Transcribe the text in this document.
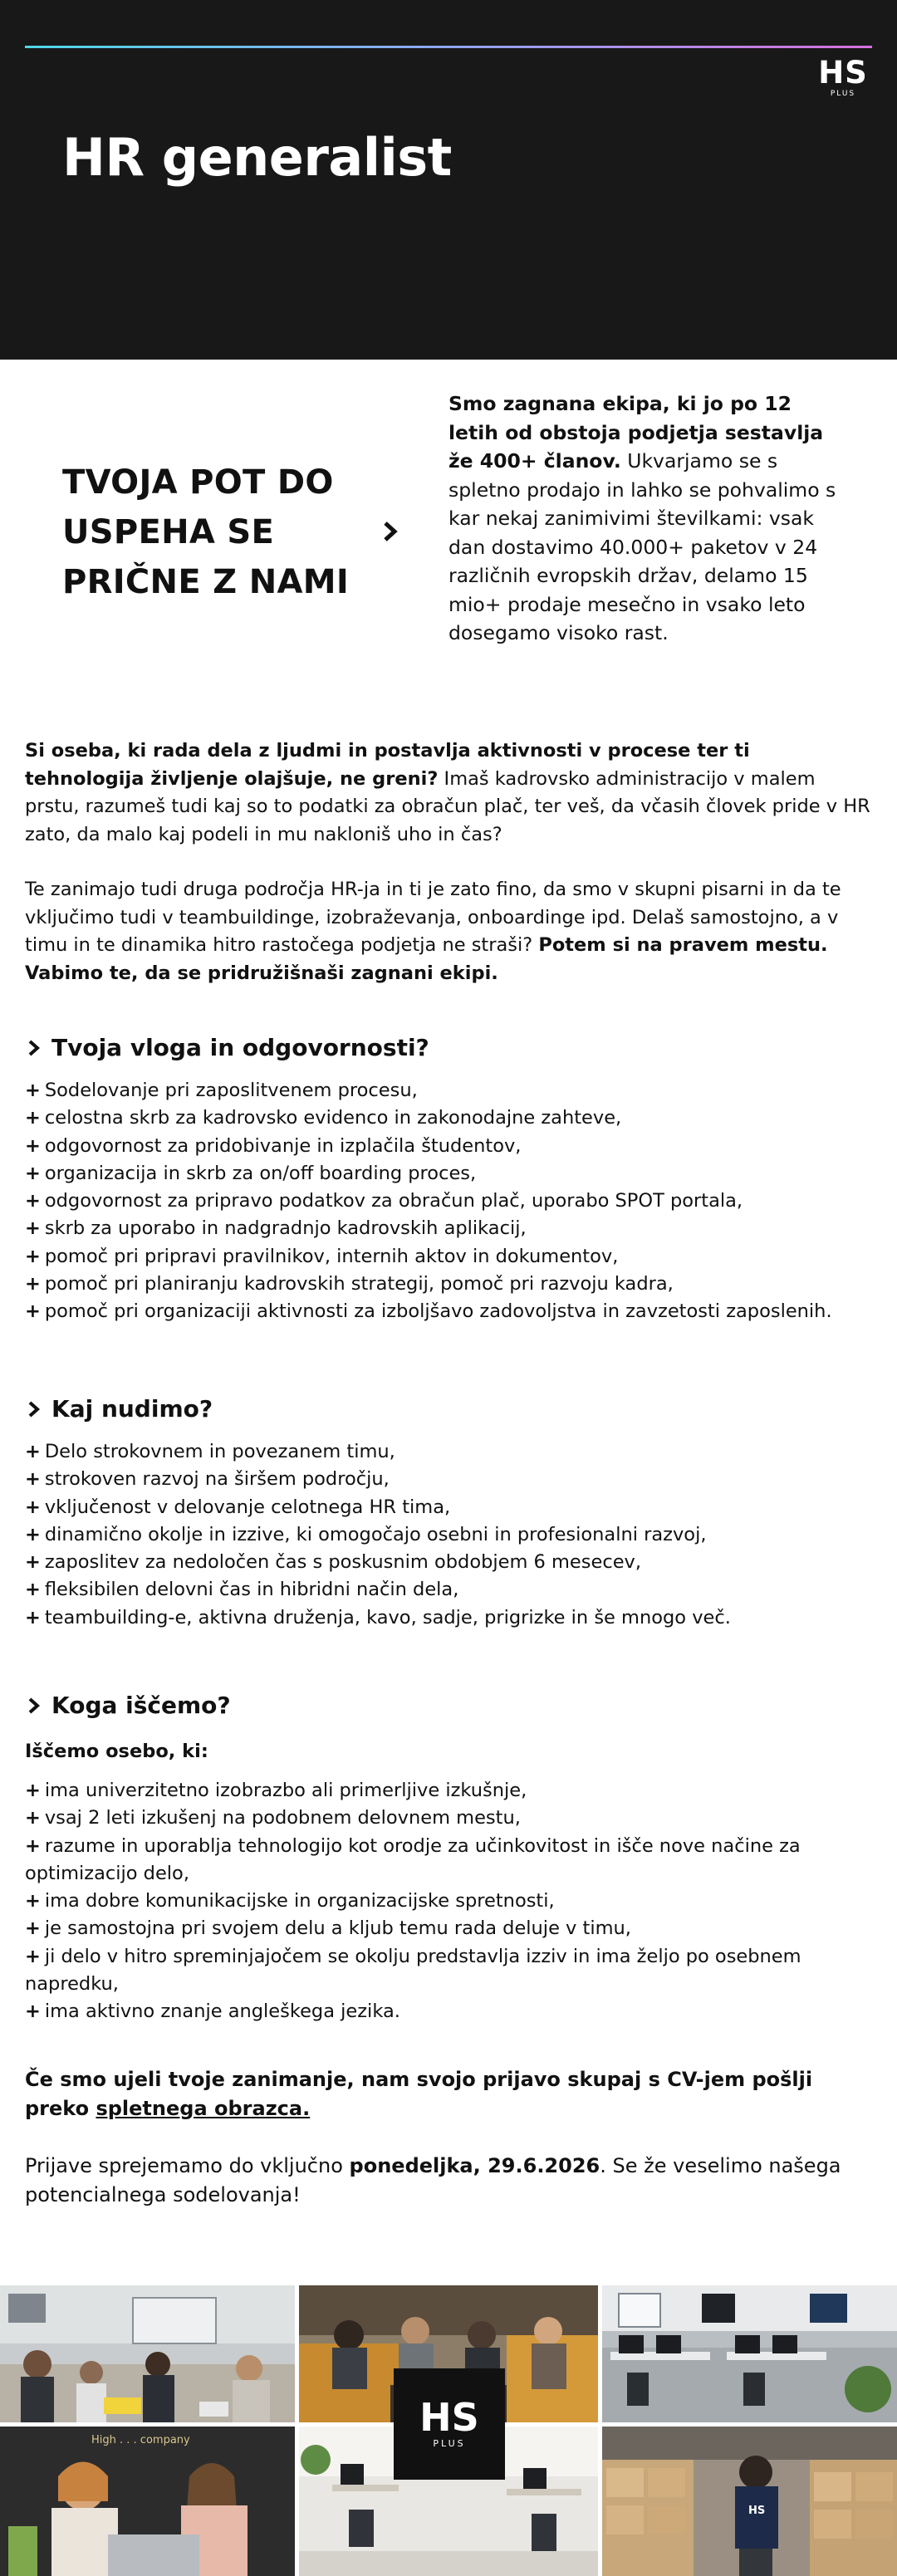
HS
PLUS
HR generalist
TVOJA POT DO USPEHA SE PRIČNE Z NAMI

Smo zagnana ekipa, ki jo po 12 letih od obstoja podjetja sestavlja že 400+ članov. Ukvarjamo se s spletno prodajo in lahko se pohvalimo s kar nekaj zanimivimi številkami: vsak dan dostavimo 40.000+ paketov v 24 različnih evropskih držav, delamo 15 mio+ prodaje mesečno in vsako leto dosegamo visoko rast.

Si oseba, ki rada dela z ljudmi in postavlja aktivnosti v procese ter ti tehnologija življenje olajšuje, ne greni? Imaš kadrovsko administracijo v malem prstu, razumeš tudi kaj so to podatki za obračun plač, ter veš, da včasih človek pride v HR zato, da malo kaj podeli in mu nakloniš uho in čas?

Te zanimajo tudi druga področja HR-ja in ti je zato fino, da smo v skupni pisarni in da te vključimo tudi v teambuildinge, izobraževanja, onboardinge ipd. Delaš samostojno, a v timu in te dinamika hitro rastočega podjetja ne straši? Potem si na pravem mestu. Vabimo te, da se pridružišnaši zagnani ekipi.

Tvoja vloga in odgovornosti?
+ Sodelovanje pri zaposlitvenem procesu,
+ celostna skrb za kadrovsko evidenco in zakonodajne zahteve,
+ odgovornost za pridobivanje in izplačila študentov,
+ organizacija in skrb za on/off boarding proces,
+ odgovornost za pripravo podatkov za obračun plač, uporabo SPOT portala,
+ skrb za uporabo in nadgradnjo kadrovskih aplikacij,
+ pomoč pri pripravi pravilnikov, internih aktov in dokumentov,
+ pomoč pri planiranju kadrovskih strategij, pomoč pri razvoju kadra,
+ pomoč pri organizaciji aktivnosti za izboljšavo zadovoljstva in zavzetosti zaposlenih.
Kaj nudimo?
+ Delo strokovnem in povezanem timu,
+ strokoven razvoj na širšem področju,
+ vključenost v delovanje celotnega HR tima,
+ dinamično okolje in izzive, ki omogočajo osebni in profesionalni razvoj,
+ zaposlitev za nedoločen čas s poskusnim obdobjem 6 mesecev,
+ fleksibilen delovni čas in hibridni način dela,
+ teambuilding-e, aktivna druženja, kavo, sadje, prigrizke in še mnogo več.
Koga iščemo?

Iščemo osebo, ki:

+ ima univerzitetno izobrazbo ali primerljive izkušnje,
+ vsaj 2 leti izkušenj na podobnem delovnem mestu,
+ razume in uporablja tehnologijo kot orodje za učinkovitost in išče nove načine za optimizacijo delo,
+ ima dobre komunikacijske in organizacijske spretnosti,
+ je samostojna pri svojem delu a kljub temu rada deluje v timu,
+ ji delo v hitro spreminjajočem se okolju predstavlja izziv in ima željo po osebnem napredku,
+ ima aktivno znanje angleškega jezika.

Če smo ujeli tvoje zanimanje, nam svojo prijavo skupaj s CV-jem pošlji preko spletnega obrazca.

Prijave sprejemamo do vključno ponedeljka, 29.6.2026. Se že veselimo našega potencialnega sodelovanja!

High . . . company
HS
HS
PLUS
